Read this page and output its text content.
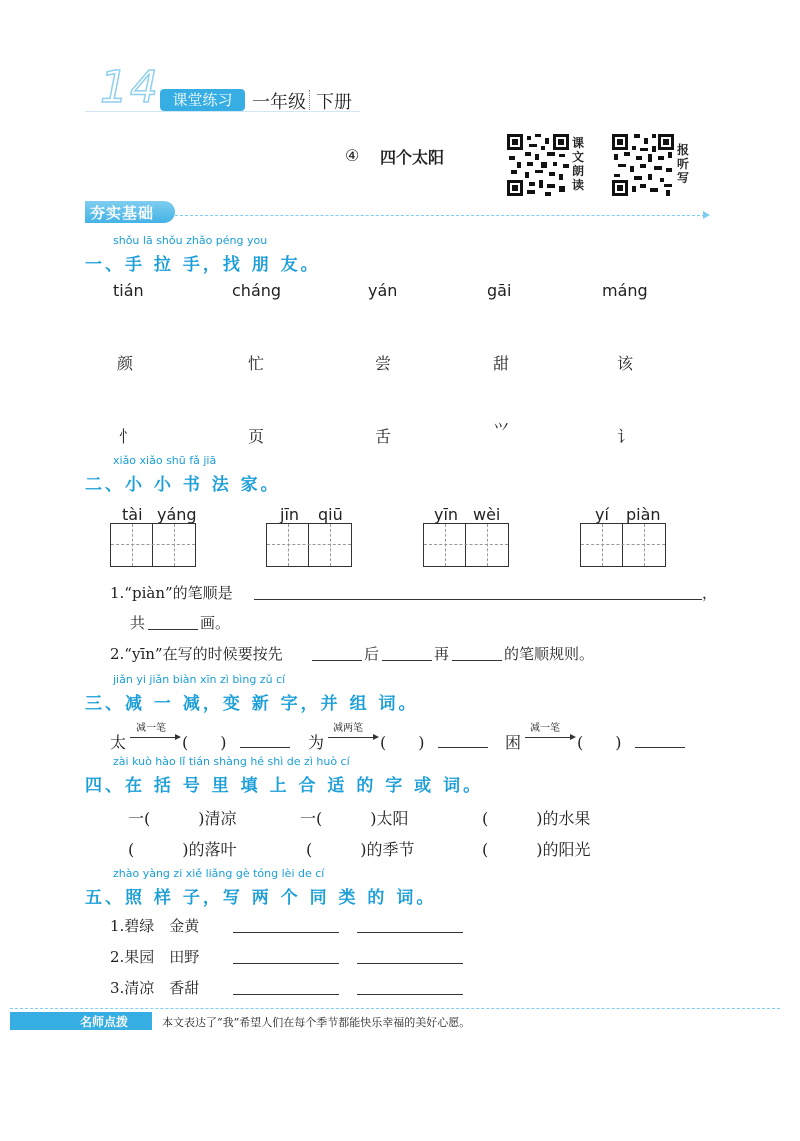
14 课堂练习	一年级 下册
④ 四个太阳
课文朗读
报听写
夯实基础
shǒu lā shǒu zhǎo péng you
一、手 拉 手，找 朋 友。
tián	cháng	yán	gāi	máng
颜	忙	尝	甜	该
忄	页	舌	⺍	讠
xiǎo xiǎo shū fǎ jiā
二、小 小 书 法 家。
tài yáng	jīn qiū	yīn wèi	yí piàn
1.“piàn”的笔顺是	，
共	画。
2.“yīn”在写的时候要按先	后	再	的笔顺规则。
jiǎn yi jiǎn biàn xīn zì bìng zǔ cí
三、减 一 减，变 新 字，并 组 词。
太
减一笔
(　　)	为
减两笔
(　　)	困
减一笔
(　　)
zài kuò hào lǐ tián shàng hé shì de zì huò cí
四、在 括 号 里 填 上 合 适 的 字 或 词。
一(　　　)清凉	一(　　　)太阳	(　　　)的水果
(　　　)的落叶	(　　　)的季节	(　　　)的阳光
zhào yàng zi xiě liǎng gè tóng lèi de cí
五、照 样 子，写 两 个 同 类 的 词。
1.碧绿　金黄
2.果园　田野
3.清凉　香甜
名师点拨	本文表达了“我”希望人们在每个季节都能快乐幸福的美好心愿。
